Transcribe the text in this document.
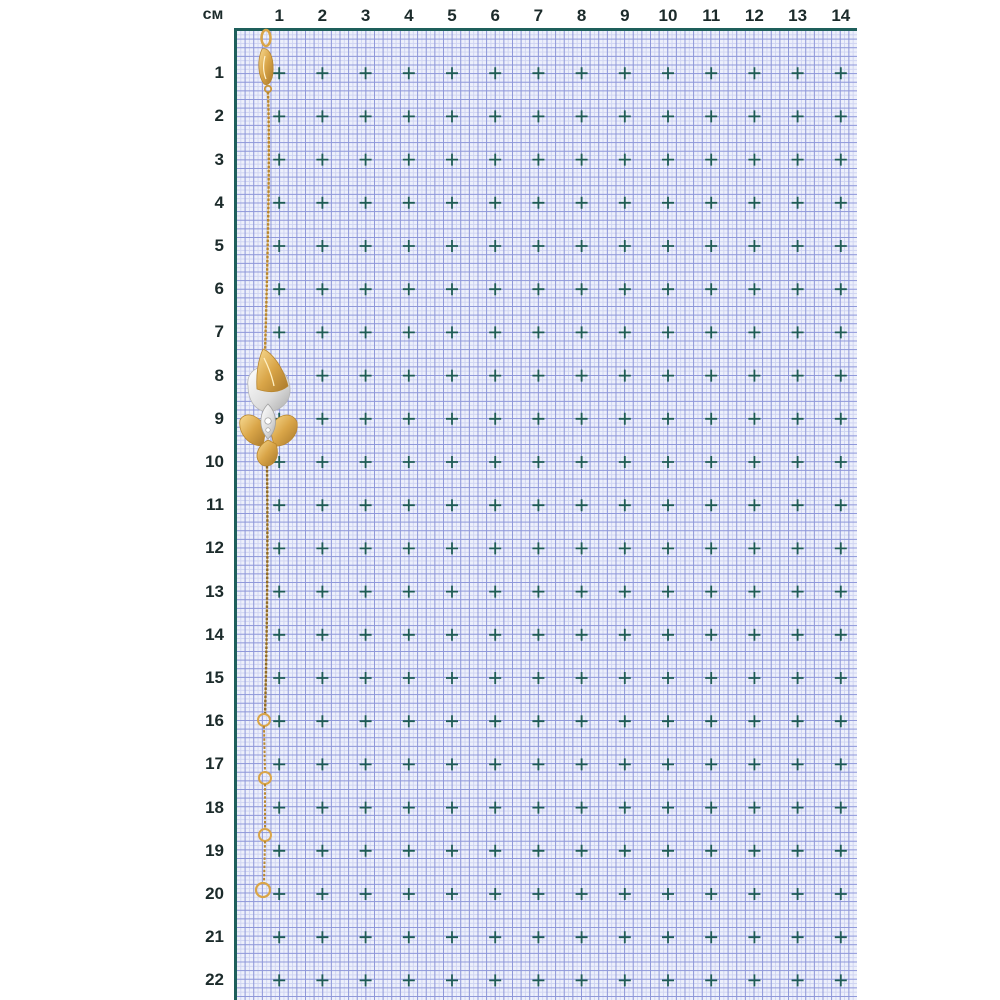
см	1	2	3	4	5	6	7	8	9	10	11	12	13	14
1
2
3
4
5
6
7
8
9
10
11
12
13
14
15
16
17
18
19
20
21
22
